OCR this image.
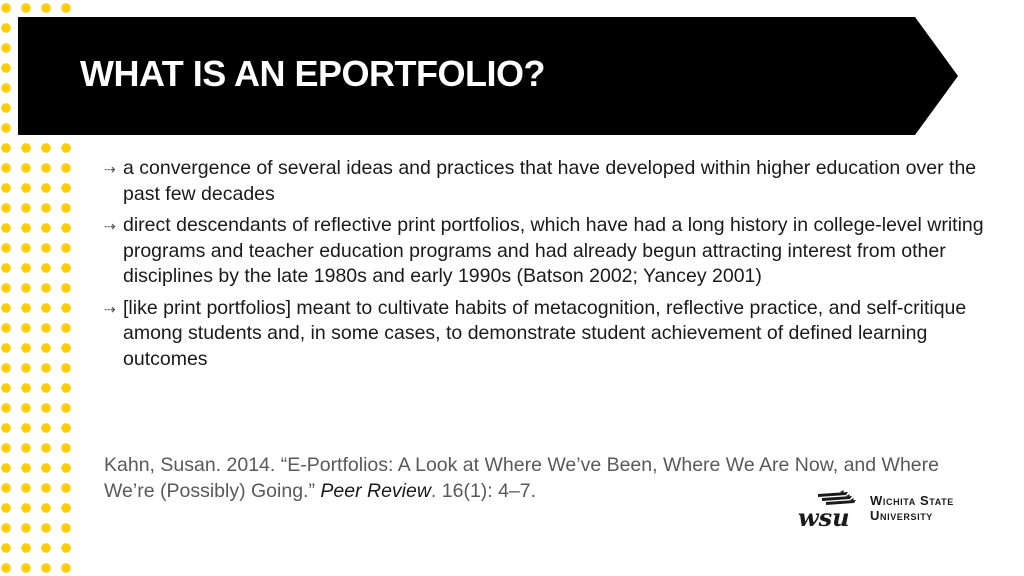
WHAT IS AN EPORTFOLIO?
⇢ a convergence of several ideas and practices that have developed within higher education over the past few decades
⇢ direct descendants of reflective print portfolios, which have had a long history in college-level writing programs and teacher education programs and had already begun attracting interest from other disciplines by the late 1980s and early 1990s (Batson 2002; Yancey 2001)
⇢ [like print portfolios] meant to cultivate habits of metacognition, reflective practice, and self-critique among students and, in some cases, to demonstrate student achievement of defined learning outcomes

Kahn, Susan. 2014. “E-Portfolios: A Look at Where We’ve Been, Where We Are Now, and Where We’re (Possibly) Going.” Peer Review. 16(1): 4–7.

wsu
Wichita State
University
